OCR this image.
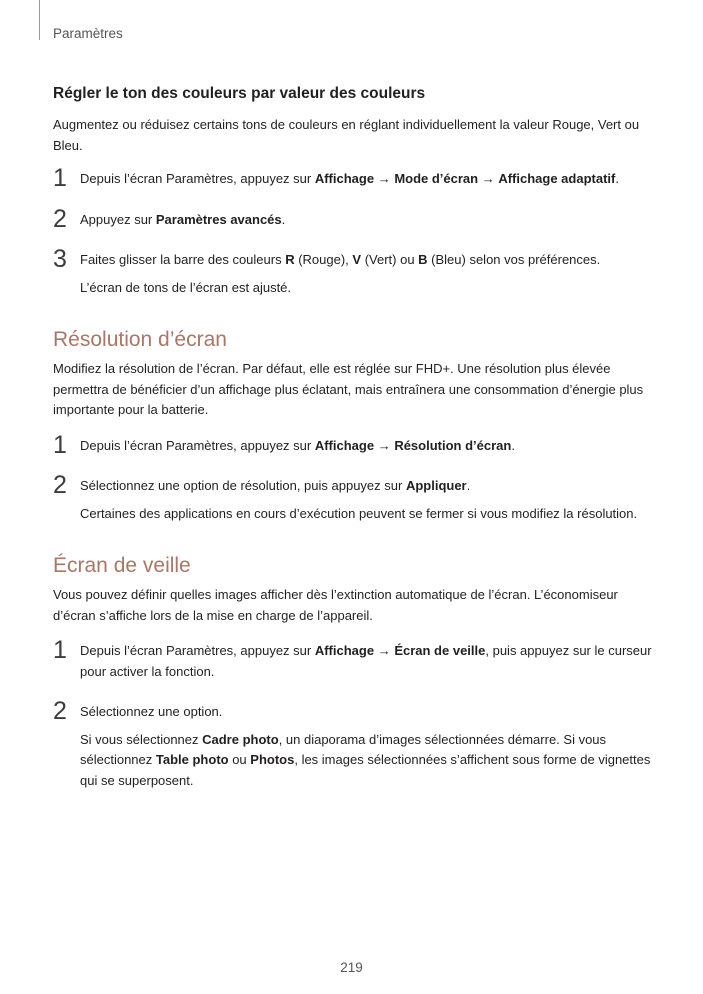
Paramètres
Régler le ton des couleurs par valeur des couleurs

Augmentez ou réduisez certains tons de couleurs en réglant individuellement la valeur Rouge, Vert ou Bleu.

1 Depuis l’écran Paramètres, appuyez sur Affichage → Mode d’écran → Affichage adaptatif.
2 Appuyez sur Paramètres avancés.
3 Faites glisser la barre des couleurs R (Rouge), V (Vert) ou B (Bleu) selon vos préférences.
L’écran de tons de l’écran est ajusté.
Résolution d’écran

Modifiez la résolution de l’écran. Par défaut, elle est réglée sur FHD+. Une résolution plus élevée permettra de bénéficier d’un affichage plus éclatant, mais entraînera une consommation d’énergie plus importante pour la batterie.

1 Depuis l’écran Paramètres, appuyez sur Affichage → Résolution d’écran.
2 Sélectionnez une option de résolution, puis appuyez sur Appliquer.
Certaines des applications en cours d’exécution peuvent se fermer si vous modifiez la résolution.
Écran de veille

Vous pouvez définir quelles images afficher dès l’extinction automatique de l’écran. L’économiseur d’écran s’affiche lors de la mise en charge de l’appareil.

1 Depuis l’écran Paramètres, appuyez sur Affichage → Écran de veille, puis appuyez sur le curseur pour activer la fonction.
2 Sélectionnez une option.
Si vous sélectionnez Cadre photo, un diaporama d’images sélectionnées démarre. Si vous sélectionnez Table photo ou Photos, les images sélectionnées s’affichent sous forme de vignettes qui se superposent.
219
